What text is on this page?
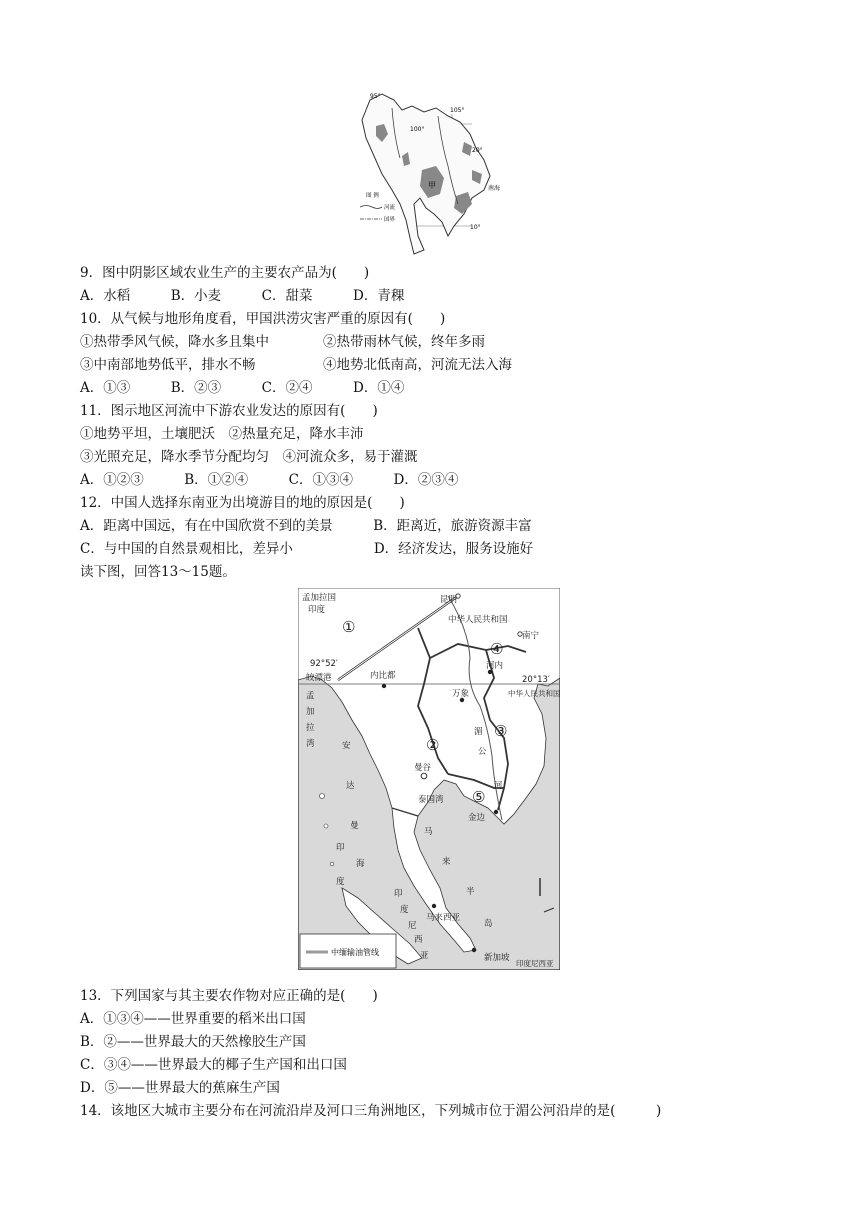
95°
100°
105°
20°
10°
甲	南海
图 例
河流
国界
9．图中阴影区域农业生产的主要农产品为(　　)
A．水稻　　　B．小麦　　　C．甜菜　　　D．青稞
10．从气候与地形角度看，甲国洪涝灾害严重的原因有(　　)
①热带季风气候，降水多且集中　　　　②热带雨林气候，终年多雨
③中南部地势低平，排水不畅　　　　　④地势北低南高，河流无法入海
A．①③　　　B．②③　　　C．②④　　　D．①④
11．图示地区河流中下游农业发达的原因有(　　)
①地势平坦，土壤肥沃　②热量充足，降水丰沛
③光照充足，降水季节分配均匀　④河流众多，易于灌溉
A．①②③　　　B．①②④　　　C．①③④　　　D．②③④
12．中国人选择东南亚为出境游目的地的原因是(　　)
A．距离中国远，有在中国欣赏不到的美景　　　B．距离近，旅游资源丰富
C．与中国的自然景观相比，差异小　　　　　　D．经济发达，服务设施好
读下图，回答13～15题。
孟加拉国
印度
昆明
中华人民共和国
南宁
92°52′
皎漂港	内比都
河内
20°13′
中华人民共和国
万象
湄
公
河
孟
加
拉
湾	安
达
曼
海
曼谷
泰国湾
金边
马
来
半
岛
印
度
马来西亚
印
度
尼
西
亚	新加坡
印度尼西亚
①
②
③
④
⑤
中缅输油管线
13．下列国家与其主要农作物对应正确的是(　　)
A．①③④——世界重要的稻米出口国
B．②——世界最大的天然橡胶生产国
C．③④——世界最大的椰子生产国和出口国
D．⑤——世界最大的蕉麻生产国
14．该地区大城市主要分布在河流沿岸及河口三角洲地区，下列城市位于湄公河沿岸的是(　　　)
